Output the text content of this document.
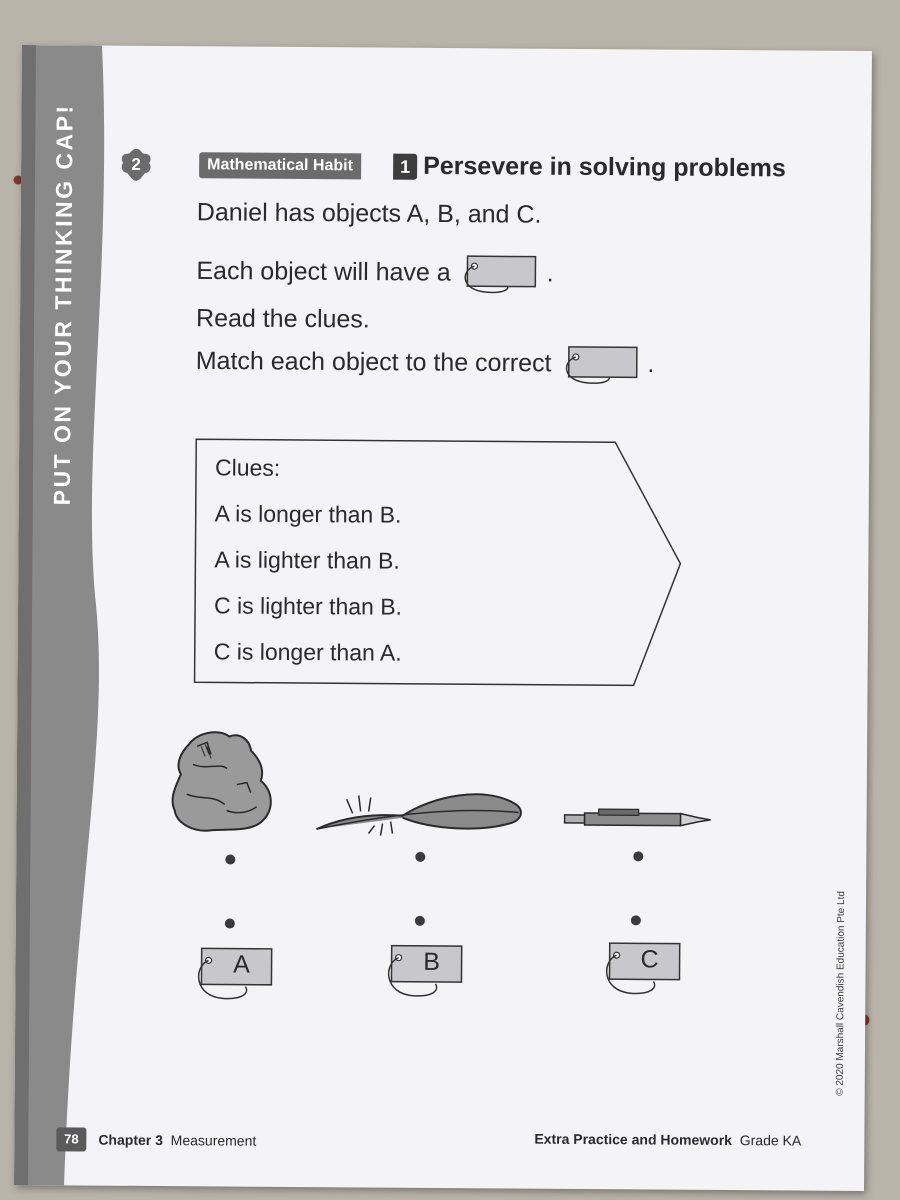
PUT ON YOUR THINKING CAP!	2	Mathematical Habit	1 Persevere in solving problems
Daniel has objects A, B, and C.
Each object will have a	.
Read the clues.
Match each object to the correct	.
Clues:
A is longer than B.
A is lighter than B.
C is lighter than B.
C is longer than A.
A	B	C
78	Chapter 3 Measurement	Extra Practice and Homework Grade KA
© 2020 Marshall Cavendish Education Pte Ltd
